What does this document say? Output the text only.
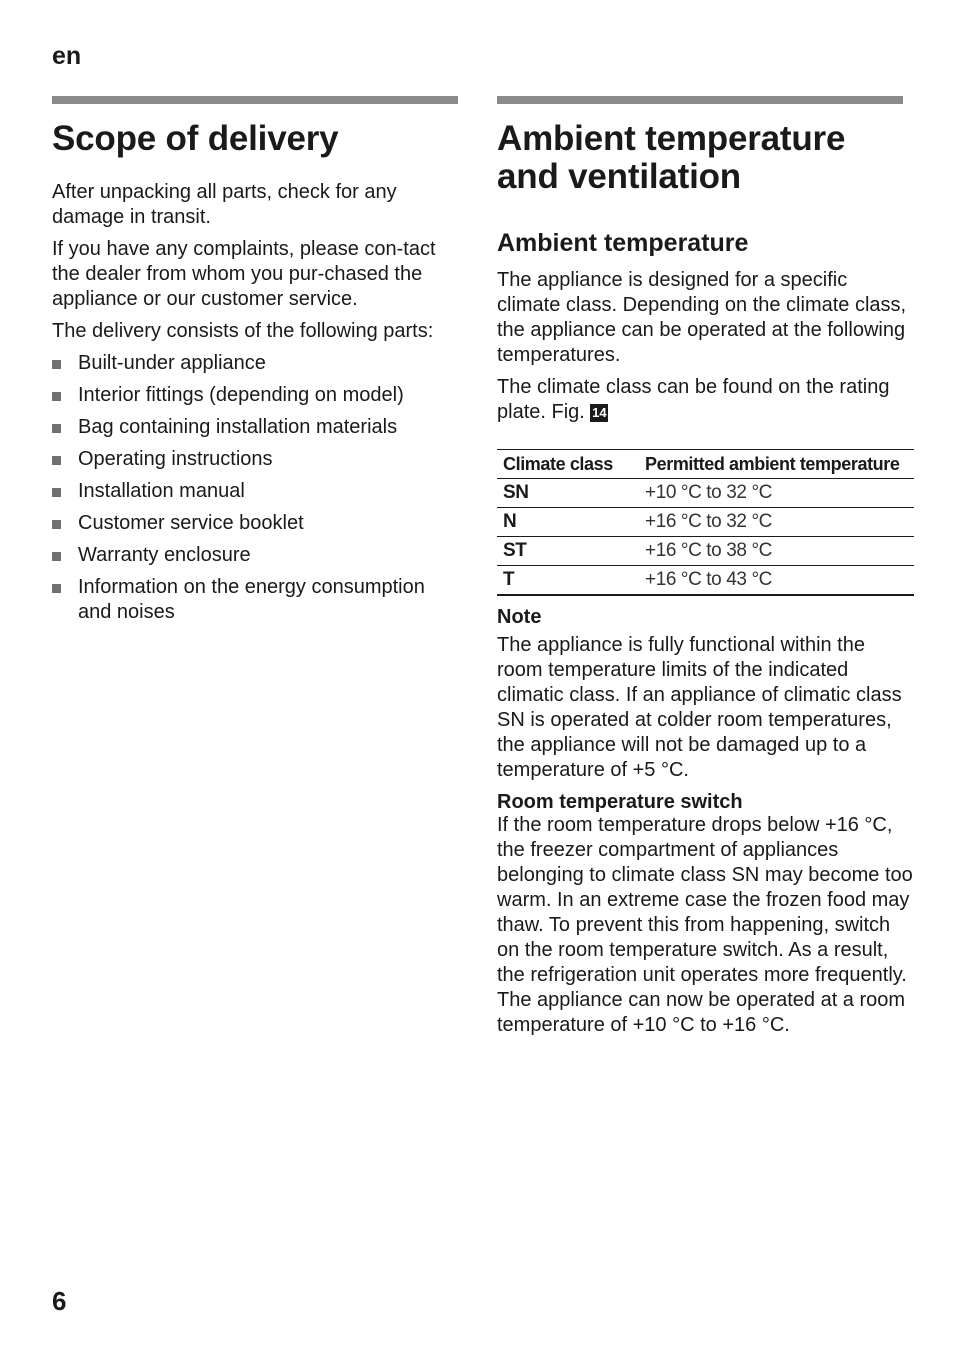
en
Scope of delivery

After unpacking all parts, check for any damage in transit.

If you have any complaints, please con-tact the dealer from whom you pur-chased the appliance or our customer service.

The delivery consists of the following parts:

Built-under appliance
Interior fittings (depending on model)
Bag containing installation materials
Operating instructions
Installation manual
Customer service booklet
Warranty enclosure
Information on the energy consumption and noises
Ambient temperature and ventilation
Ambient temperature

The appliance is designed for a specific climate class. Depending on the climate class, the appliance can be operated at the following temperatures.

The climate class can be found on the rating plate. Fig. 14

Climate class	Permitted ambient temperature
SN	+10 °C to 32 °C
N	+16 °C to 32 °C
ST	+16 °C to 38 °C
T	+16 °C to 43 °C
Note

The appliance is fully functional within the room temperature limits of the indicated climatic class. If an appliance of climatic class SN is operated at colder room temperatures, the appliance will not be damaged up to a temperature of +5 °C.

Room temperature switch

If the room temperature drops below +16 °C, the freezer compartment of appliances belonging to climate class SN may become too warm. In an extreme case the frozen food may thaw. To prevent this from happening, switch on the room temperature switch. As a result, the refrigeration unit operates more frequently. The appliance can now be operated at a room temperature of +10 °C to +16 °C.

6
